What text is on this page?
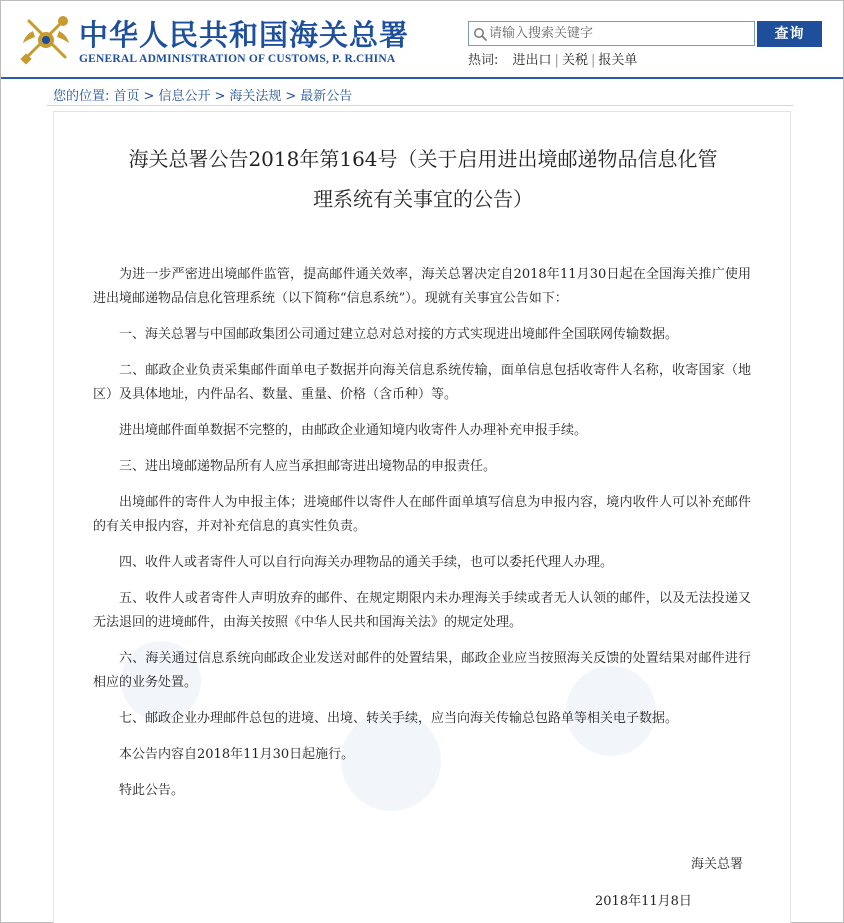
中华人民共和国海关总署
GENERAL ADMINISTRATION OF CUSTOMS, P. R.CHINA
请输入搜索关键字
查询
热词: 进出口 | 关税 | 报关单
您的位置: 首页 > 信息公开 > 海关法规 > 最新公告
海关总署公告2018年第164号（关于启用进出境邮递物品信息化管
理系统有关事宜的公告）

为进一步严密进出境邮件监管，提高邮件通关效率，海关总署决定自2018年11月30日起在全国海关推广使用进出境邮递物品信息化管理系统（以下简称“信息系统”）。现就有关事宜公告如下：

一、海关总署与中国邮政集团公司通过建立总对总对接的方式实现进出境邮件全国联网传输数据。

二、邮政企业负责采集邮件面单电子数据并向海关信息系统传输，面单信息包括收寄件人名称，收寄国家（地区）及具体地址，内件品名、数量、重量、价格（含币种）等。

进出境邮件面单数据不完整的，由邮政企业通知境内收寄件人办理补充申报手续。

三、进出境邮递物品所有人应当承担邮寄进出境物品的申报责任。

出境邮件的寄件人为申报主体；进境邮件以寄件人在邮件面单填写信息为申报内容，境内收件人可以补充邮件的有关申报内容，并对补充信息的真实性负责。

四、收件人或者寄件人可以自行向海关办理物品的通关手续，也可以委托代理人办理。

五、收件人或者寄件人声明放弃的邮件、在规定期限内未办理海关手续或者无人认领的邮件，以及无法投递又无法退回的进境邮件，由海关按照《中华人民共和国海关法》的规定处理。

六、海关通过信息系统向邮政企业发送对邮件的处置结果，邮政企业应当按照海关反馈的处置结果对邮件进行相应的业务处置。

七、邮政企业办理邮件总包的进境、出境、转关手续，应当向海关传输总包路单等相关电子数据。

本公告内容自2018年11月30日起施行。

特此公告。

海关总署
2018年11月8日
